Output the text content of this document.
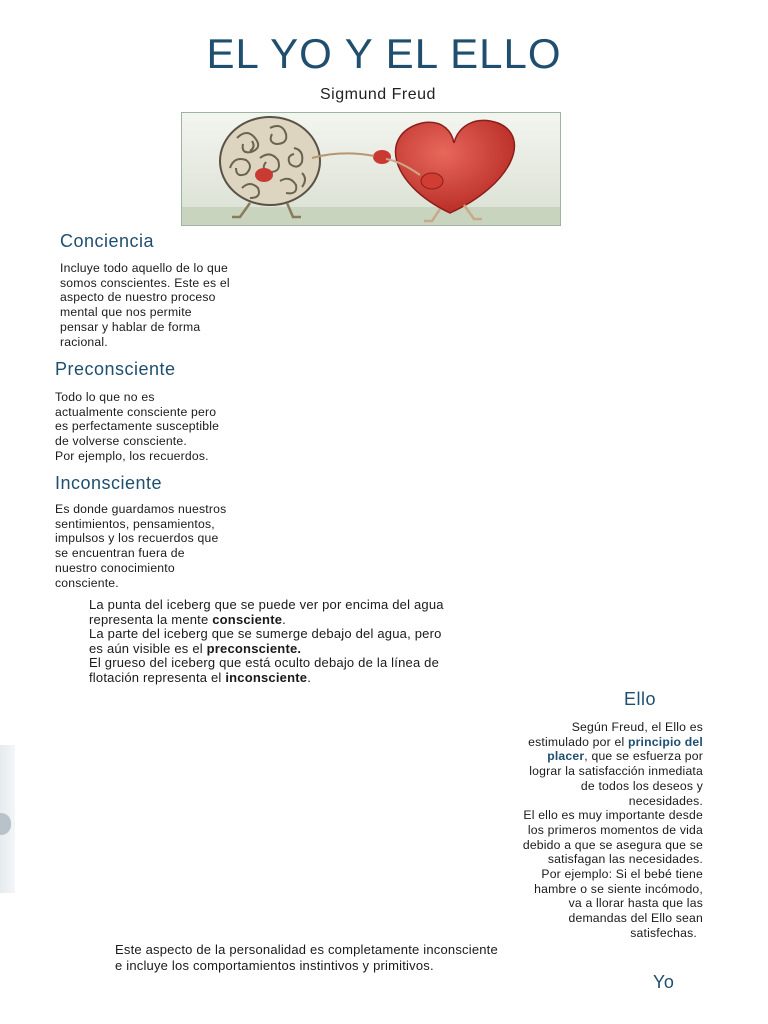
EL YO Y EL ELLO
Sigmund Freud
Conciencia
Incluye todo aquello de lo que
somos conscientes. Este es el
aspecto de nuestro proceso
mental que nos permite
pensar y hablar de forma
racional.
Preconsciente
Todo lo que no es
actualmente consciente pero
es perfectamente susceptible
de volverse consciente.
Por ejemplo, los recuerdos.
Inconsciente
Es donde guardamos nuestros
sentimientos, pensamientos,
impulsos y los recuerdos que
se encuentran fuera de
nuestro conocimiento
consciente.
La punta del iceberg que se puede ver por encima del agua
representa la mente consciente.
La parte del iceberg que se sumerge debajo del agua, pero
es aún visible es el preconsciente.
El grueso del iceberg que está oculto debajo de la línea de
flotación representa el inconsciente.
Ello
Según Freud, el Ello es
estimulado por el principio del
placer, que se esfuerza por
lograr la satisfacción inmediata
de todos los deseos y
necesidades.
El ello es muy importante desde
los primeros momentos de vida
debido a que se asegura que se
satisfagan las necesidades.
Por ejemplo: Si el bebé tiene
hambre o se siente incómodo,
va a llorar hasta que las
demandas del Ello sean
satisfechas.
Este aspecto de la personalidad es completamente inconsciente
e incluye los comportamientos instintivos y primitivos.
Yo
